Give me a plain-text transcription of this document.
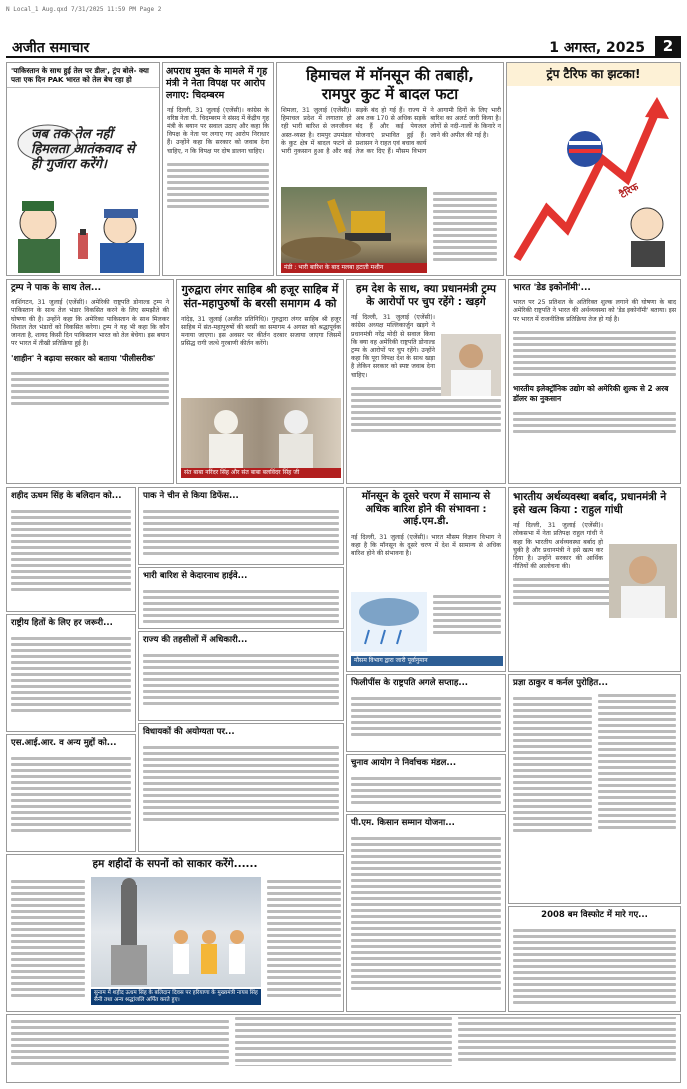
N Local_1 Aug.qxd 7/31/2025 11:59 PM Page 2
अजीत समाचार	1 अगस्त, 2025	2
'पाकिस्तान के साथ हुई तेल पर डील', ट्रंप बोले- क्या पता एक दिन PAK भारत को तेल बेच रहा हो
जब तक तेल नहीं हिमलता आतंकवाद से ही गुजारा करेंगे।
अपराध मुक्त के मामले में गृह मंत्री ने नेता विपक्ष पर आरोप लगाए: चिदम्बरम
नई दिल्ली, 31 जुलाई (एजेंसी)। कांग्रेस के वरिष्ठ नेता पी. चिदम्बरम ने संसद में केंद्रीय गृह मंत्री के बयान पर सवाल उठाए और कहा कि विपक्ष के नेता पर लगाए गए आरोप निराधार हैं। उन्होंने कहा कि सरकार को जवाब देना चाहिए, न कि विपक्ष पर दोष डालना चाहिए।
हिमाचल में मॉनसून की तबाही,
रामपुर कुट में बादल फटा
शिमला, 31 जुलाई (एजेंसी)। हिमाचल प्रदेश में लगातार हो रही भारी बारिश से जनजीवन अस्त-व्यस्त है। रामपुर उपमंडल के कुट क्षेत्र में बादल फटने से भारी नुकसान हुआ है और कई सड़कें बंद हो गई हैं। राज्य में अब तक 170 से अधिक सड़कें बंद हैं और कई पेयजल योजनाएं प्रभावित हुई हैं। प्रशासन ने राहत एवं बचाव कार्य तेज कर दिए हैं। मौसम विभाग ने आगामी दिनों के लिए भारी बारिश का अलर्ट जारी किया है। लोगों से नदी-नालों के किनारे न जाने की अपील की गई है।
मंडी : भारी बारिश के बाद मलबा हटाती मशीन
ट्रंप टैरिफ का झटका!
टैरिफ
ट्रम्प ने पाक के साथ तेल...
वाशिंगटन, 31 जुलाई (एजेंसी)। अमेरिकी राष्ट्रपति डोनाल्ड ट्रम्प ने पाकिस्तान के साथ तेल भंडार विकसित करने के लिए समझौते की घोषणा की है। उन्होंने कहा कि अमेरिका पाकिस्तान के साथ मिलकर विशाल तेल भंडारों को विकसित करेगा। ट्रम्प ने यह भी कहा कि कौन जानता है, शायद किसी दिन पाकिस्तान भारत को तेल बेचेगा। इस बयान पर भारत में तीखी प्रतिक्रिया हुई है।
'शाहीन' ने बढ़ाया सरकार को बताया 'पीलीसरीक'
गुरुद्वारा लंगर साहिब श्री हजूर साहिब में संत-महापुरुषों के बरसी समागम 4 को
नांदेड़, 31 जुलाई (अजीत प्रतिनिधि)। गुरुद्वारा लंगर साहिब श्री हजूर साहिब में संत-महापुरुषों की बरसी का समागम 4 अगस्त को श्रद्धापूर्वक मनाया जाएगा। इस अवसर पर कीर्तन दरबार सजाया जाएगा जिसमें प्रसिद्ध रागी जत्थे गुरबाणी कीर्तन करेंगे।
संत बाबा नरिंदर सिंह और संत बाबा बलविंदर सिंह जी
हम देश के साथ, क्या प्रधानमंत्री ट्रम्प के आरोपों पर चुप रहेंगे : खड़गे
नई दिल्ली, 31 जुलाई (एजेंसी)। कांग्रेस अध्यक्ष मल्लिकार्जुन खड़गे ने प्रधानमंत्री नरेंद्र मोदी से सवाल किया कि क्या वह अमेरिकी राष्ट्रपति डोनाल्ड ट्रम्प के आरोपों पर चुप रहेंगे। उन्होंने कहा कि पूरा विपक्ष देश के साथ खड़ा है लेकिन सरकार को स्पष्ट जवाब देना चाहिए।
भारत 'डेड इकोनॉमी'...
भारत पर 25 प्रतिशत के अतिरिक्त शुल्क लगाने की घोषणा के बाद अमेरिकी राष्ट्रपति ने भारत की अर्थव्यवस्था को 'डेड इकोनॉमी' बताया। इस पर भारत में राजनीतिक प्रतिक्रिया तेज हो गई है।
भारतीय इलेक्ट्रॉनिक उद्योग को अमेरिकी शुल्क से 2 अरब डॉलर का नुकसान
शहीद ऊधम सिंह के बलिदान को...
राष्ट्रीय हितों के लिए हर जरूरी...
एस.आई.आर. व अन्य मुद्दों को...
पाक ने चीन से किया डिफेंस...
भारी बारिश से केदारनाथ हाईवे...
राज्य की तहसीलों में अधिकारी...
विधायकों की अयोग्यता पर...
मॉनसून के दूसरे चरण में सामान्य से अधिक बारिश होने की संभावना : आई.एम.डी.
नई दिल्ली, 31 जुलाई (एजेंसी)। भारत मौसम विज्ञान विभाग ने कहा है कि मॉनसून के दूसरे चरण में देश में सामान्य से अधिक बारिश होने की संभावना है।
मौसम विभाग द्वारा जारी पूर्वानुमान
फिलीपींस के राष्ट्रपति अगले सप्ताह...
चुनाव आयोग ने निर्वाचक मंडल...
पी.एम. किसान सम्मान योजना...
भारतीय अर्थव्यवस्था बर्बाद, प्रधानमंत्री ने इसे खत्म किया : राहुल गांधी
नई दिल्ली, 31 जुलाई (एजेंसी)। लोकसभा में नेता प्रतिपक्ष राहुल गांधी ने कहा कि भारतीय अर्थव्यवस्था बर्बाद हो चुकी है और प्रधानमंत्री ने इसे खत्म कर दिया है। उन्होंने सरकार की आर्थिक नीतियों की आलोचना की।
प्रज्ञा ठाकुर व कर्नल पुरोहित...
2008 बम विस्फोट में मारे गए...
हम शहीदों के सपनों को साकार करेंगे......
सुनाम में शहीद ऊधम सिंह के बलिदान दिवस पर हरियाणा के मुख्यमंत्री नायब सिंह सैनी तथा अन्य श्रद्धांजलि अर्पित करते हुए।
